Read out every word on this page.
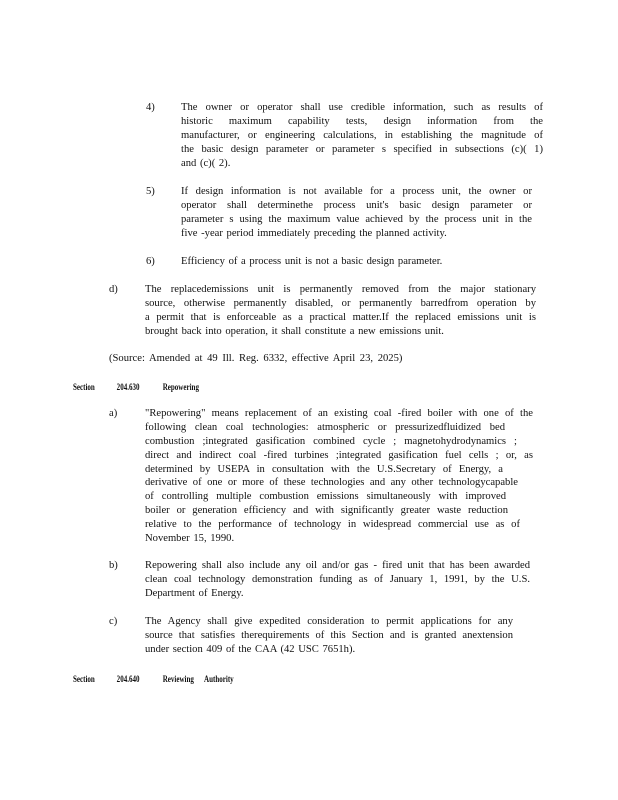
4) The owner or operator shall use credible information, such as results of
historic maximum capability tests, design information from the
manufacturer, or engineering calculations, in establishing the magnitude of
the basic design parameter or parameter s specified in subsections (c)( 1)
and (c)( 2).
5) If design information is not available for a process unit, the owner or
operator shall determinethe process unit's basic design parameter or
parameter s using the maximum value achieved by the process unit in the
five -year period immediately preceding the planned activity.
6) Efficiency of a process unit is not a basic design parameter.
d)	The replacedemissions unit is permanently removed from the major stationary
source, otherwise permanently disabled, or permanently barredfrom operation by
a permit that is enforceable as a practical matter.If the replaced emissions unit is
brought back into operation, it shall constitute a new emissions unit.
(Source: Amended at 49 Ill. Reg. 6332, effective April 23, 2025)
Section 204.630	Repowering
a)	"Repowering" means replacement of an existing coal -fired boiler with one of the
following clean coal technologies: atmospheric or pressurizedfluidized bed
combustion ;integrated gasification combined cycle ; magnetohydrodynamics ;
direct and indirect coal -fired turbines ;integrated gasification fuel cells ; or, as
determined by USEPA in consultation with the U.S.Secretary of Energy, a
derivative of one or more of these technologies and any other technologycapable
of controlling multiple combustion emissions simultaneously with improved
boiler or generation efficiency and with significantly greater waste reduction
relative to the performance of technology in widespread commercial use as of
November 15, 1990.
b)	Repowering shall also include any oil and/or gas - fired unit that has been awarded
clean coal technology demonstration funding as of January 1, 1991, by the U.S.
Department of Energy.
c)	The Agency shall give expedited consideration to permit applications for any
source that satisfies therequirements of this Section and is granted anextension
under section 409 of the CAA (42 USC 7651h).
Section 204.640	Reviewing      Authority
